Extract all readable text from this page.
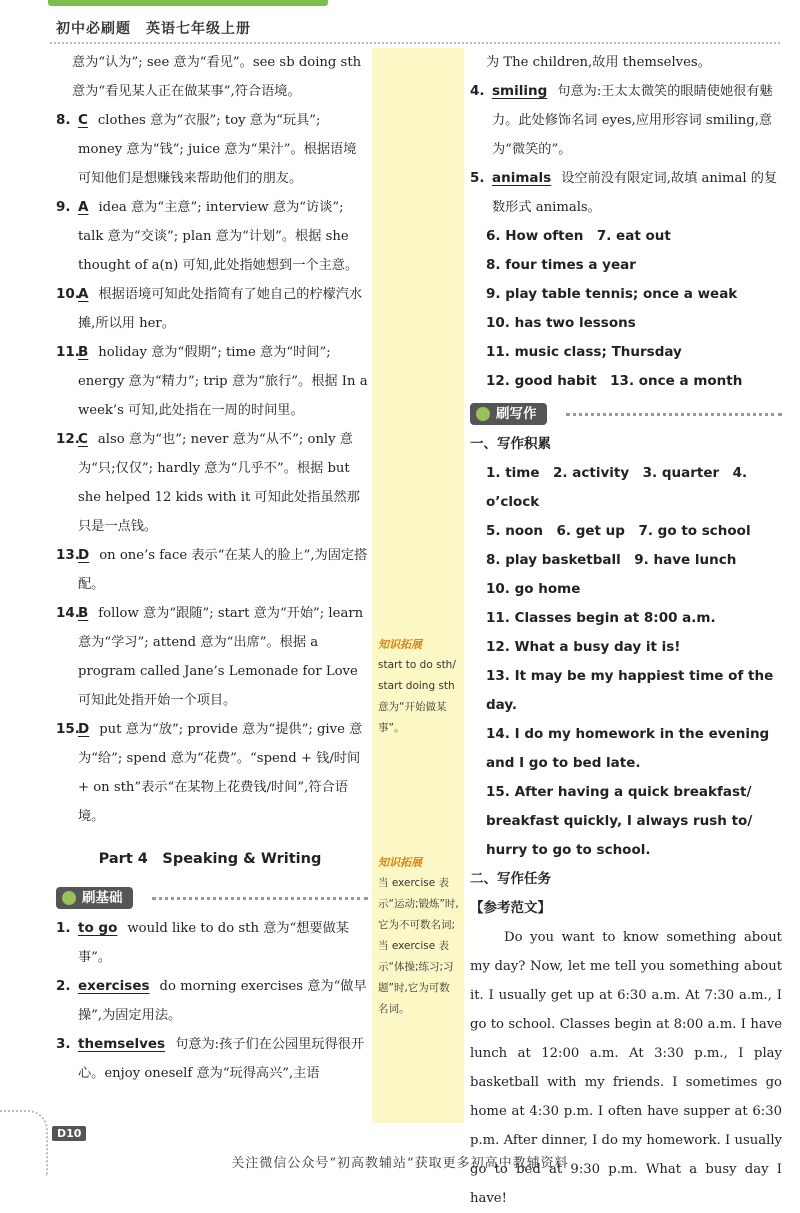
初中必刷题　英语七年级上册
意为“认为”; see 意为“看见”。see sb doing sth 意为“看见某人正在做某事”,符合语境。
8. C clothes 意为“衣服”; toy 意为“玩具”; money 意为“钱”; juice 意为“果汁”。根据语境可知他们是想赚钱来帮助他们的朋友。
9. A idea 意为“主意”; interview 意为“访谈”; talk 意为“交谈”; plan 意为“计划”。根据 she thought of a(n) 可知,此处指她想到一个主意。
10.
A 根据语境可知此处指简有了她自己的柠檬汽水摊,所以用 her。
11.
B holiday 意为“假期”; time 意为“时间”; energy 意为“精力”; trip 意为“旅行”。根据 In a week’s 可知,此处指在一周的时间里。
12.
C also 意为“也”; never 意为“从不”; only 意为“只;仅仅”; hardly 意为“几乎不”。根据 but she helped 12 kids with it 可知此处指虽然那只是一点钱。
13.
D on one’s face 表示“在某人的脸上”,为固定搭配。
14.
B follow 意为“跟随”; start 意为“开始”; learn 意为“学习”; attend 意为“出席”。根据 a program called Jane’s Lemonade for Love 可知此处指开始一个项目。
15.
D put 意为“放”; provide 意为“提供”; give 意为“给”; spend 意为“花费”。“spend + 钱/时间 + on sth”表示“在某物上花费钱/时间”,符合语境。
Part 4　Speaking & Writing
刷基础
1. to go would like to do sth 意为“想要做某事”。
2. exercises do morning exercises 意为“做早操”,为固定用法。
3. themselves 句意为:孩子们在公园里玩得很开心。enjoy oneself 意为“玩得高兴”,主语
知识拓展
start to do sth/ start doing sth 意为“开始做某事”。
知识拓展
当 exercise 表示“运动;锻炼”时,它为不可数名词;当 exercise 表示“体操;练习;习题”时,它为可数名词。
为 The children,故用 themselves。
4. smiling 句意为:王太太微笑的眼睛使她很有魅力。此处修饰名词 eyes,应用形容词 smiling,意为“微笑的”。
5. animals 设空前没有限定词,故填 animal 的复数形式 animals。
6. How often　7. eat out
8. four times a year
9. play table tennis; once a weak
10. has two lessons
11. music class; Thursday
12. good habit　13. once a month
刷写作
一、写作积累
1. time　2. activity　3. quarter　4. o’clock
5. noon　6. get up　7. go to school
8. play basketball　9. have lunch
10. go home
11. Classes begin at 8:00 a.m.
12. What a busy day it is!
13. It may be my happiest time of the day.
14. I do my homework in the evening and I go to bed late.
15. After having a quick breakfast/ breakfast quickly, I always rush to/ hurry to go to school.
二、写作任务
【参考范文】
Do you want to know something about my day? Now, let me tell you something about it. I usually get up at 6:30 a.m. At 7:30 a.m., I go to school. Classes begin at 8:00 a.m. I have lunch at 12:00 a.m. At 3:30 p.m., I play basketball with my friends. I sometimes go home at 4:30 p.m. I often have supper at 6:30 p.m. After dinner, I do my homework. I usually go to bed at 9:30 p.m. What a busy day I have!
D10
关注微信公众号“初高教辅站”获取更多初高中教辅资料
